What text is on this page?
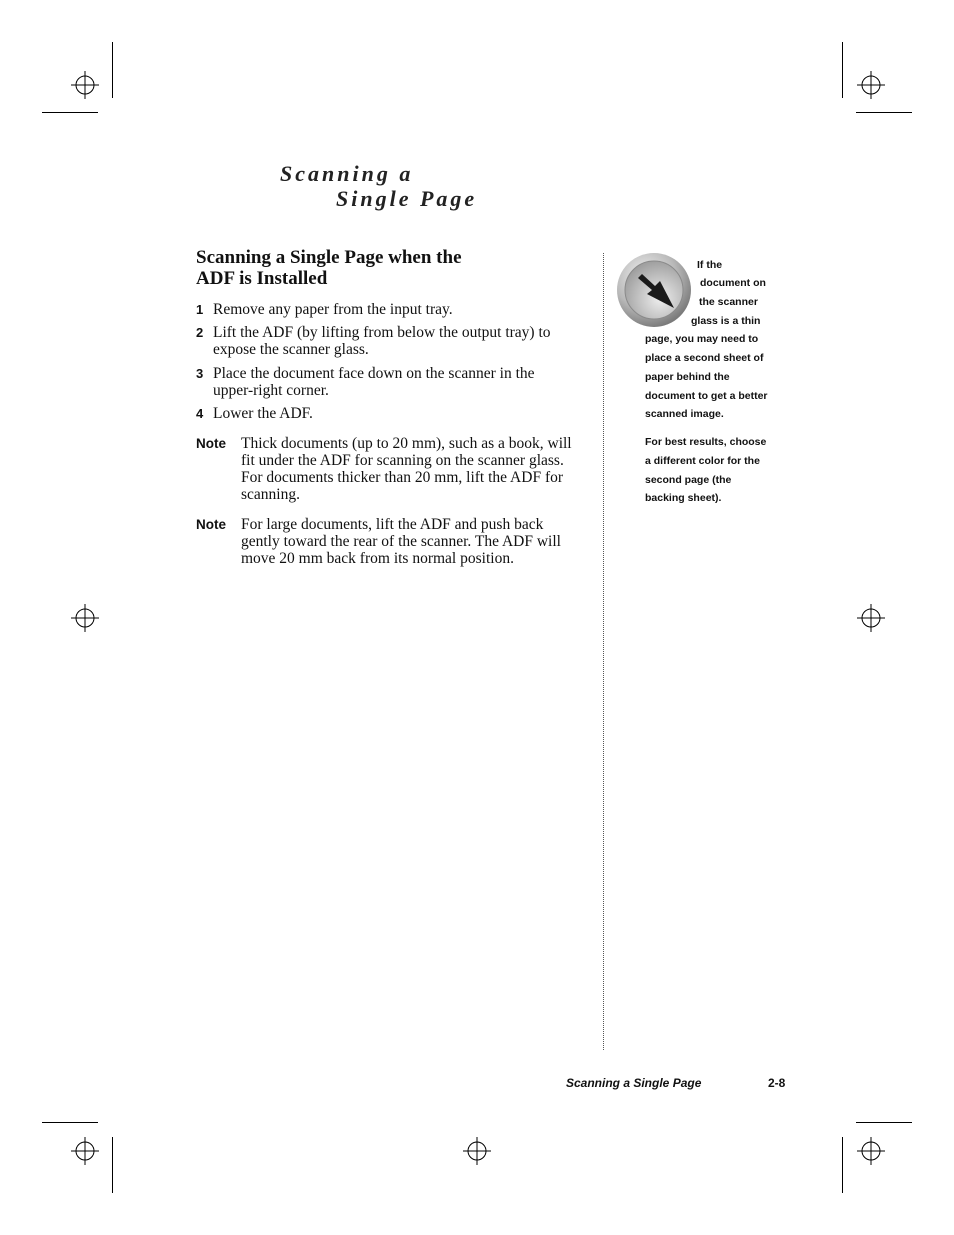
Scanning a
Single Page
Scanning a Single Page when the
ADF is Installed
1 Remove any paper from the input tray.
2 Lift the ADF (by lifting from below the output tray) to expose the scanner glass.
3 Place the document face down on the scanner in the upper-right corner.
4 Lower the ADF.
Note Thick documents (up to 20 mm), such as a book, will fit under the ADF for scanning on the scanner glass. For documents thicker than 20 mm, lift the ADF for scanning.
Note For large documents, lift the ADF and push back gently toward the rear of the scanner. The ADF will move 20 mm back from its normal position.
If the
document on
the scanner
glass is a thin
page, you may need to
place a second sheet of
paper behind the
document to get a better
scanned image.
For best results, choose
a different color for the
second page (the
backing sheet).
Scanning a Single Page	2-8
